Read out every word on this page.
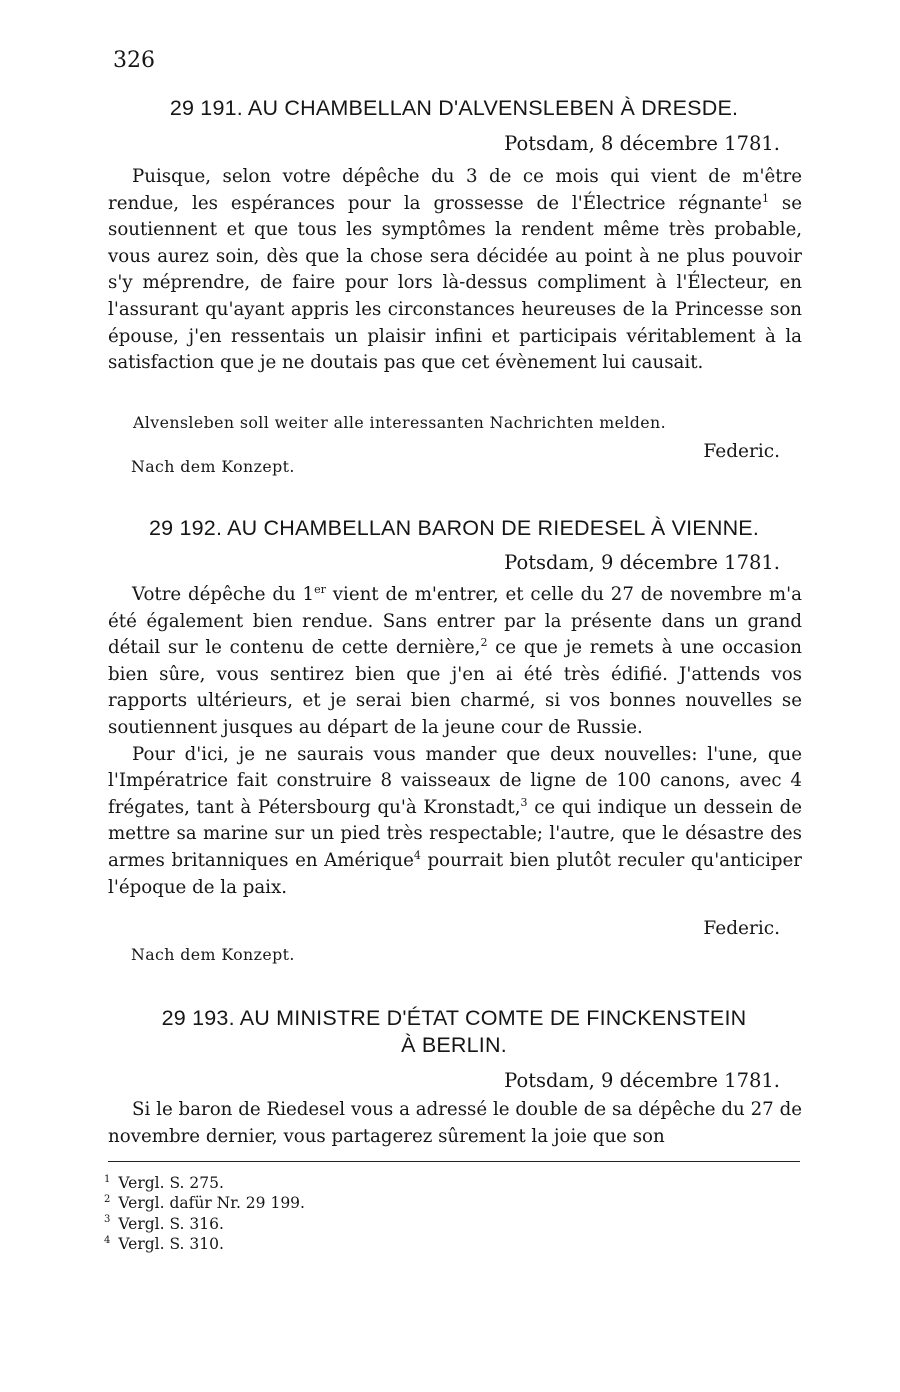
326
29 191. AU CHAMBELLAN D'ALVENSLEBEN À DRESDE.
Potsdam, 8 décembre 1781.

Puisque, selon votre dépêche du 3 de ce mois qui vient de m'être rendue, les espérances pour la grossesse de l'Électrice régnante$^1$ se soutiennent et que tous les symptômes la rendent même très probable, vous aurez soin, dès que la chose sera décidée au point à ne plus pouvoir s'y méprendre, de faire pour lors là-dessus compliment à l'Électeur, en l'assurant qu'ayant appris les circonstances heureuses de la Princesse son épouse, j'en ressentais un plaisir infini et participais véritablement à la satisfaction que je ne doutais pas que cet évènement lui causait.

Alvensleben soll weiter alle interessanten Nachrichten melden.
Federic.
Nach dem Konzept.
29 192. AU CHAMBELLAN BARON DE RIEDESEL À VIENNE.
Potsdam, 9 décembre 1781.

Votre dépêche du 1er vient de m'entrer, et celle du 27 de novembre m'a été également bien rendue. Sans entrer par la présente dans un grand détail sur le contenu de cette dernière,$^2$ ce que je remets à une occasion bien sûre, vous sentirez bien que j'en ai été très édifié. J'attends vos rapports ultérieurs, et je serai bien charmé, si vos bonnes nouvelles se soutiennent jusques au départ de la jeune cour de Russie.

Pour d'ici, je ne saurais vous mander que deux nouvelles: l'une, que l'Impératrice fait construire 8 vaisseaux de ligne de 100 canons, avec 4 frégates, tant à Pétersbourg qu'à Kronstadt,$^3$ ce qui indique un dessein de mettre sa marine sur un pied très respectable; l'autre, que le désastre des armes britanniques en Amérique$^4$ pourrait bien plutôt reculer qu'anticiper l'époque de la paix.

Federic.
Nach dem Konzept.
29 193. AU MINISTRE D'ÉTAT COMTE DE FINCKENSTEIN
À BERLIN.
Potsdam, 9 décembre 1781.

Si le baron de Riedesel vous a adressé le double de sa dépêche du 27 de novembre dernier, vous partagerez sûrement la joie que son

$^1$ Vergl. S. 275.
$^2$ Vergl. dafür Nr. 29 199.
$^3$ Vergl. S. 316.
$^4$ Vergl. S. 310.
